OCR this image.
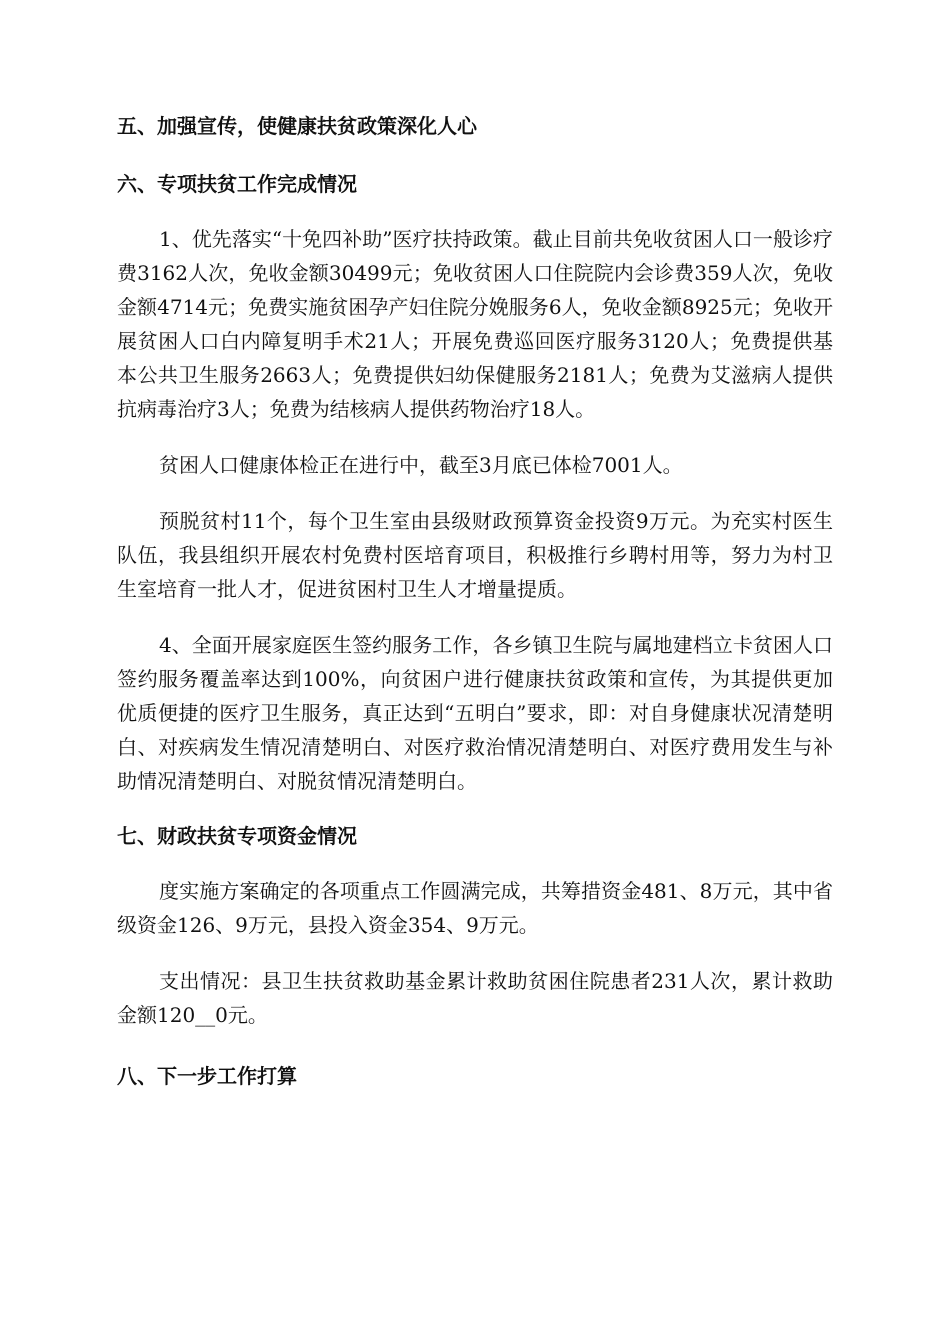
五、加强宣传，使健康扶贫政策深化人心
六、专项扶贫工作完成情况

1、优先落实“十免四补助”医疗扶持政策。截止目前共免收贫困人口一般诊疗费3162人次，免收金额30499元；免收贫困人口住院院内会诊费359人次，免收金额4714元；免费实施贫困孕产妇住院分娩服务6人，免收金额8925元；免收开展贫困人口白内障复明手术21人；开展免费巡回医疗服务3120人；免费提供基本公共卫生服务2663人；免费提供妇幼保健服务2181人；免费为艾滋病人提供抗病毒治疗3人；免费为结核病人提供药物治疗18人。

贫困人口健康体检正在进行中，截至3月底已体检7001人。

预脱贫村11个，每个卫生室由县级财政预算资金投资9万元。为充实村医生队伍，我县组织开展农村免费村医培育项目，积极推行乡聘村用等，努力为村卫生室培育一批人才，促进贫困村卫生人才增量提质。

4、全面开展家庭医生签约服务工作，各乡镇卫生院与属地建档立卡贫困人口签约服务覆盖率达到100%，向贫困户进行健康扶贫政策和宣传，为其提供更加优质便捷的医疗卫生服务，真正达到“五明白”要求，即：对自身健康状况清楚明白、对疾病发生情况清楚明白、对医疗救治情况清楚明白、对医疗费用发生与补助情况清楚明白、对脱贫情况清楚明白。

七、财政扶贫专项资金情况

度实施方案确定的各项重点工作圆满完成，共筹措资金481、8万元，其中省级资金126、9万元，县投入资金354、9万元。

支出情况：县卫生扶贫救助基金累计救助贫困住院患者231人次，累计救助金额120__0元。

八、下一步工作打算
